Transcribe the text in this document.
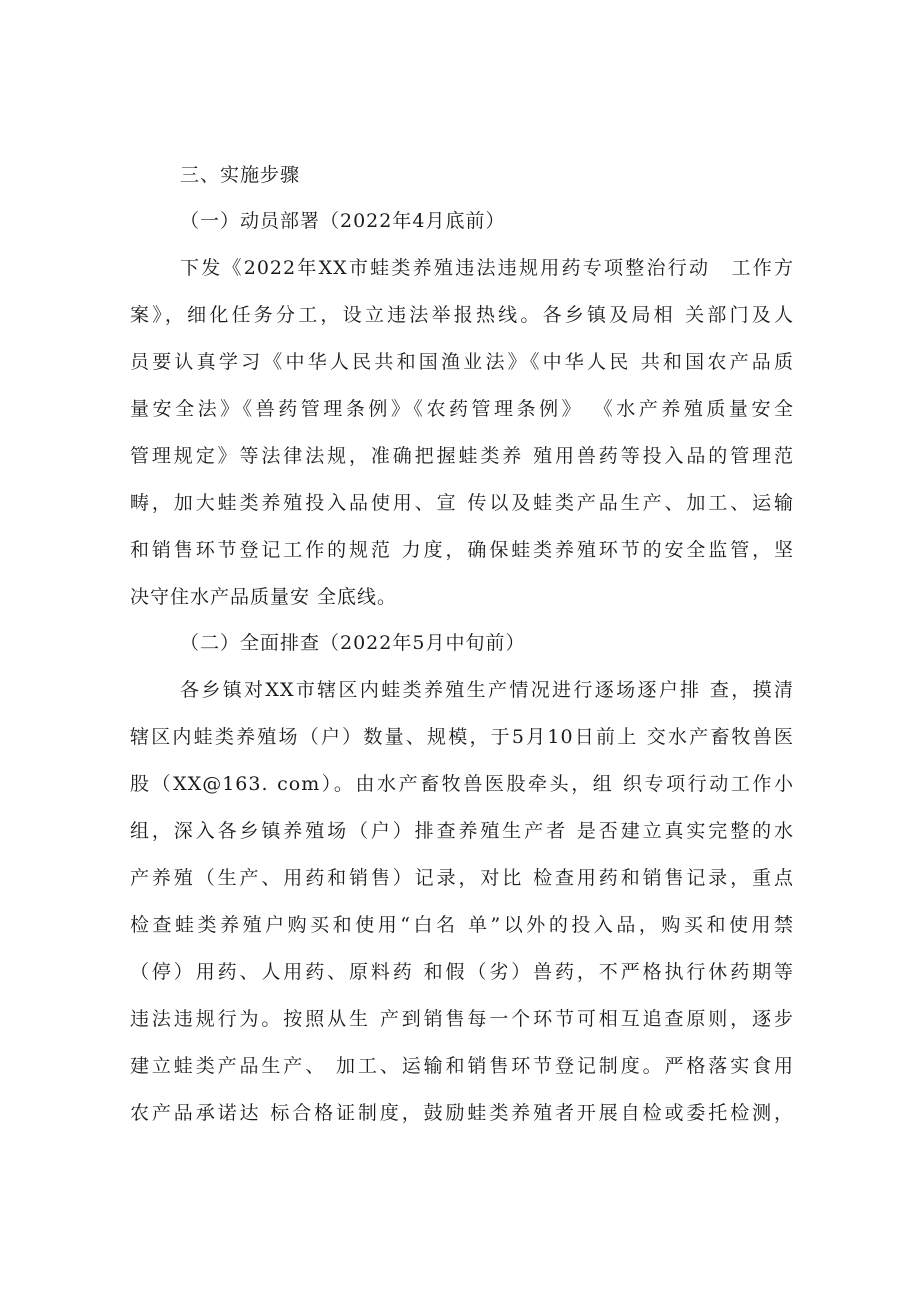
三、实施步骤
（一）动员部署（2022年4月底前）
下发《2022年XX市蛙类养殖违法违规用药专项整治行动　工作方
案》，细化任务分工，设立违法举报热线。各乡镇及局相 关部门及人
员要认真学习《中华人民共和国渔业法》《中华人民 共和国农产品质
量安全法》《兽药管理条例》《农药管理条例》 《水产养殖质量安全
管理规定》等法律法规，准确把握蛙类养 殖用兽药等投入品的管理范
畴，加大蛙类养殖投入品使用、宣 传以及蛙类产品生产、加工、运输
和销售环节登记工作的规范 力度，确保蛙类养殖环节的安全监管，坚
决守住水产品质量安 全底线。
（二）全面排查（2022年5月中旬前）
各乡镇对XX市辖区内蛙类养殖生产情况进行逐场逐户排 查，摸清
辖区内蛙类养殖场（户）数量、规模，于5月10日前上 交水产畜牧兽医
股（XX@163. com）。由水产畜牧兽医股牵头，组 织专项行动工作小
组，深入各乡镇养殖场（户）排查养殖生产者 是否建立真实完整的水
产养殖（生产、用药和销售）记录，对比 检查用药和销售记录，重点
检查蛙类养殖户购买和使用“白名 单”以外的投入品，购买和使用禁
（停）用药、人用药、原料药 和假（劣）兽药，不严格执行休药期等
违法违规行为。按照从生 产到销售每一个环节可相互追查原则，逐步
建立蛙类产品生产、 加工、运输和销售环节登记制度。严格落实食用
农产品承诺达 标合格证制度，鼓励蛙类养殖者开展自检或委托检测，
